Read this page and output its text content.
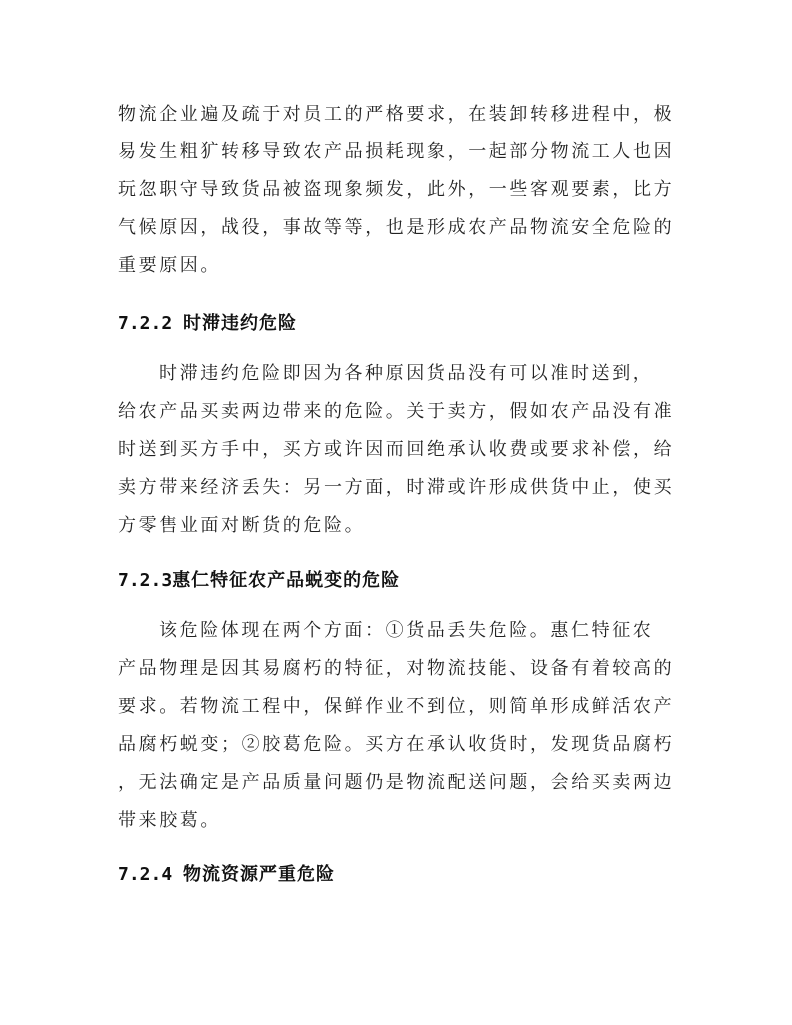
物流企业遍及疏于对员工的严格要求，在装卸转移进程中，极
易发生粗犷转移导致农产品损耗现象，一起部分物流工人也因
玩忽职守导致货品被盗现象频发，此外，一些客观要素，比方
气候原因，战役，事故等等，也是形成农产品物流安全危险的
重要原因。
7.2.2 时滞违约危险
时滞违约危险即因为各种原因货品没有可以准时送到，
给农产品买卖两边带来的危险。关于卖方，假如农产品没有准
时送到买方手中，买方或许因而回绝承认收费或要求补偿，给
卖方带来经济丢失：另一方面，时滞或许形成供货中止，使买
方零售业面对断货的危险。
7.2.3惠仁特征农产品蜕变的危险
该危险体现在两个方面：①货品丢失危险。惠仁特征农
产品物理是因其易腐朽的特征，对物流技能、设备有着较高的
要求。若物流工程中，保鲜作业不到位，则简单形成鲜活农产
品腐朽蜕变；②胶葛危险。买方在承认收货时，发现货品腐朽
，无法确定是产品质量问题仍是物流配送问题，会给买卖两边
带来胶葛。
7.2.4 物流资源严重危险
